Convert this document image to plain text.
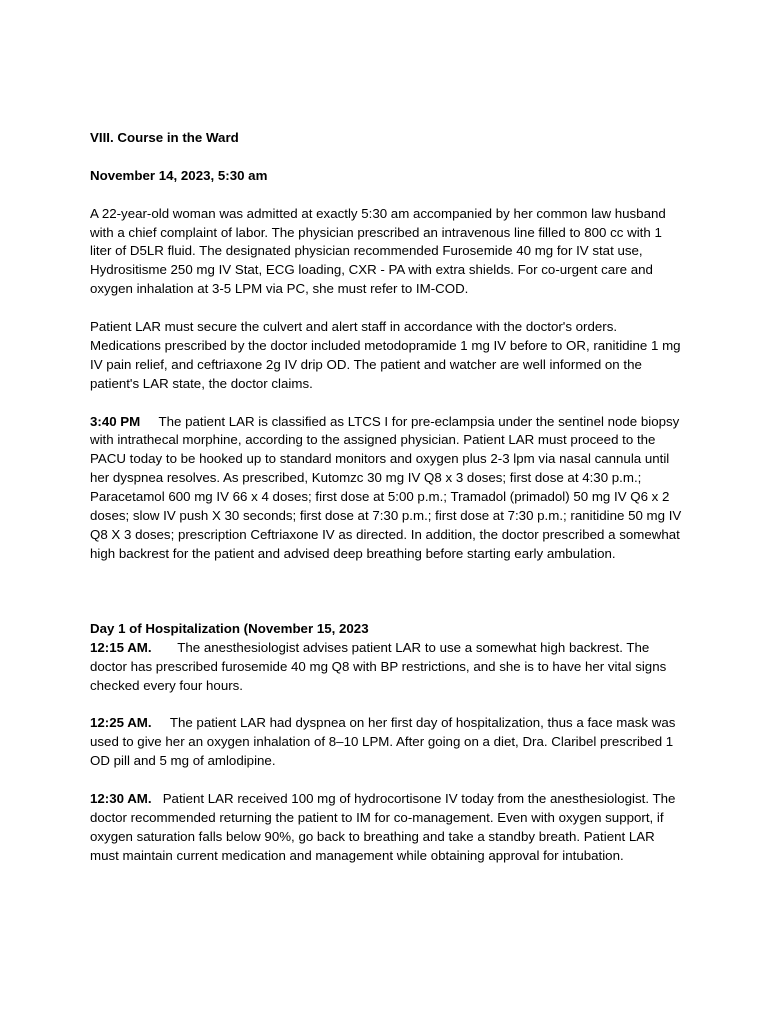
VIII. Course in the Ward

November 14, 2023, 5:30 am

A 22-year-old woman was admitted at exactly 5:30 am accompanied by her common law husband with a chief complaint of labor. The physician prescribed an intravenous line filled to 800 cc with 1 liter of D5LR fluid. The designated physician recommended Furosemide 40 mg for IV stat use, Hydrositisme 250 mg IV Stat, ECG loading, CXR - PA with extra shields. For co-urgent care and oxygen inhalation at 3-5 LPM via PC, she must refer to IM-COD.

Patient LAR must secure the culvert and alert staff in accordance with the doctor's orders. Medications prescribed by the doctor included metodopramide 1 mg IV before to OR, ranitidine 1 mg IV pain relief, and ceftriaxone 2g IV drip OD. The patient and watcher are well informed on the patient's LAR state, the doctor claims.

3:40 PM The patient LAR is classified as LTCS I for pre-eclampsia under the sentinel node biopsy with intrathecal morphine, according to the assigned physician. Patient LAR must proceed to the PACU today to be hooked up to standard monitors and oxygen plus 2-3 lpm via nasal cannula until her dyspnea resolves. As prescribed, Kutomzc 30 mg IV Q8 x 3 doses; first dose at 4:30 p.m.; Paracetamol 600 mg IV 66 x 4 doses; first dose at 5:00 p.m.; Tramadol (primadol) 50 mg IV Q6 x 2 doses; slow IV push X 30 seconds; first dose at 7:30 p.m.; first dose at 7:30 p.m.; ranitidine 50 mg IV Q8 X 3 doses; prescription Ceftriaxone IV as directed. In addition, the doctor prescribed a somewhat high backrest for the patient and advised deep breathing before starting early ambulation.

Day 1 of Hospitalization (November 15, 2023

12:15 AM. The anesthesiologist advises patient LAR to use a somewhat high backrest. The doctor has prescribed furosemide 40 mg Q8 with BP restrictions, and she is to have her vital signs checked every four hours.

12:25 AM. The patient LAR had dyspnea on her first day of hospitalization, thus a face mask was used to give her an oxygen inhalation of 8–10 LPM. After going on a diet, Dra. Claribel prescribed 1 OD pill and 5 mg of amlodipine.

12:30 AM. Patient LAR received 100 mg of hydrocortisone IV today from the anesthesiologist. The doctor recommended returning the patient to IM for co-management. Even with oxygen support, if oxygen saturation falls below 90%, go back to breathing and take a standby breath. Patient LAR must maintain current medication and management while obtaining approval for intubation.
